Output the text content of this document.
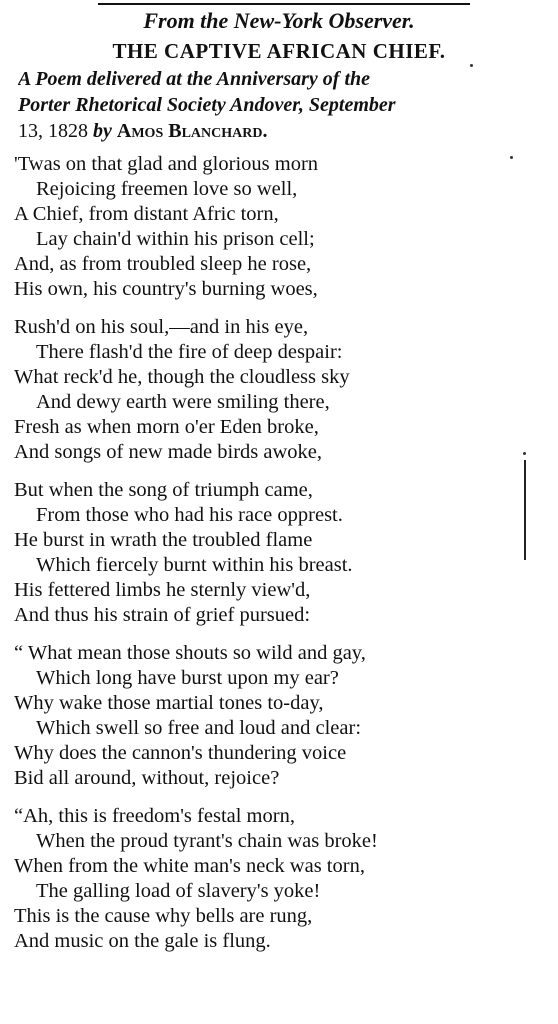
From the New-York Observer.
THE CAPTIVE AFRICAN CHIEF.
A Poem delivered at the Anniversary of the
Porter Rhetorical Society Andover, September
13, 1828 by Amos Blanchard.
'Twas on that glad and glorious morn
Rejoicing freemen love so well,
A Chief, from distant Afric torn,
Lay chain'd within his prison cell;
And, as from troubled sleep he rose,
His own, his country's burning woes,
Rush'd on his soul,—and in his eye,
There flash'd the fire of deep despair:
What reck'd he, though the cloudless sky
And dewy earth were smiling there,
Fresh as when morn o'er Eden broke,
And songs of new made birds awoke,
But when the song of triumph came,
From those who had his race opprest.
He burst in wrath the troubled flame
Which fiercely burnt within his breast.
His fettered limbs he sternly view'd,
And thus his strain of grief pursued:
“ What mean those shouts so wild and gay,
Which long have burst upon my ear?
Why wake those martial tones to-day,
Which swell so free and loud and clear:
Why does the cannon's thundering voice
Bid all around, without, rejoice?
“Ah, this is freedom's festal morn,
When the proud tyrant's chain was broke!
When from the white man's neck was torn,
The galling load of slavery's yoke!
This is the cause why bells are rung,
And music on the gale is flung.
